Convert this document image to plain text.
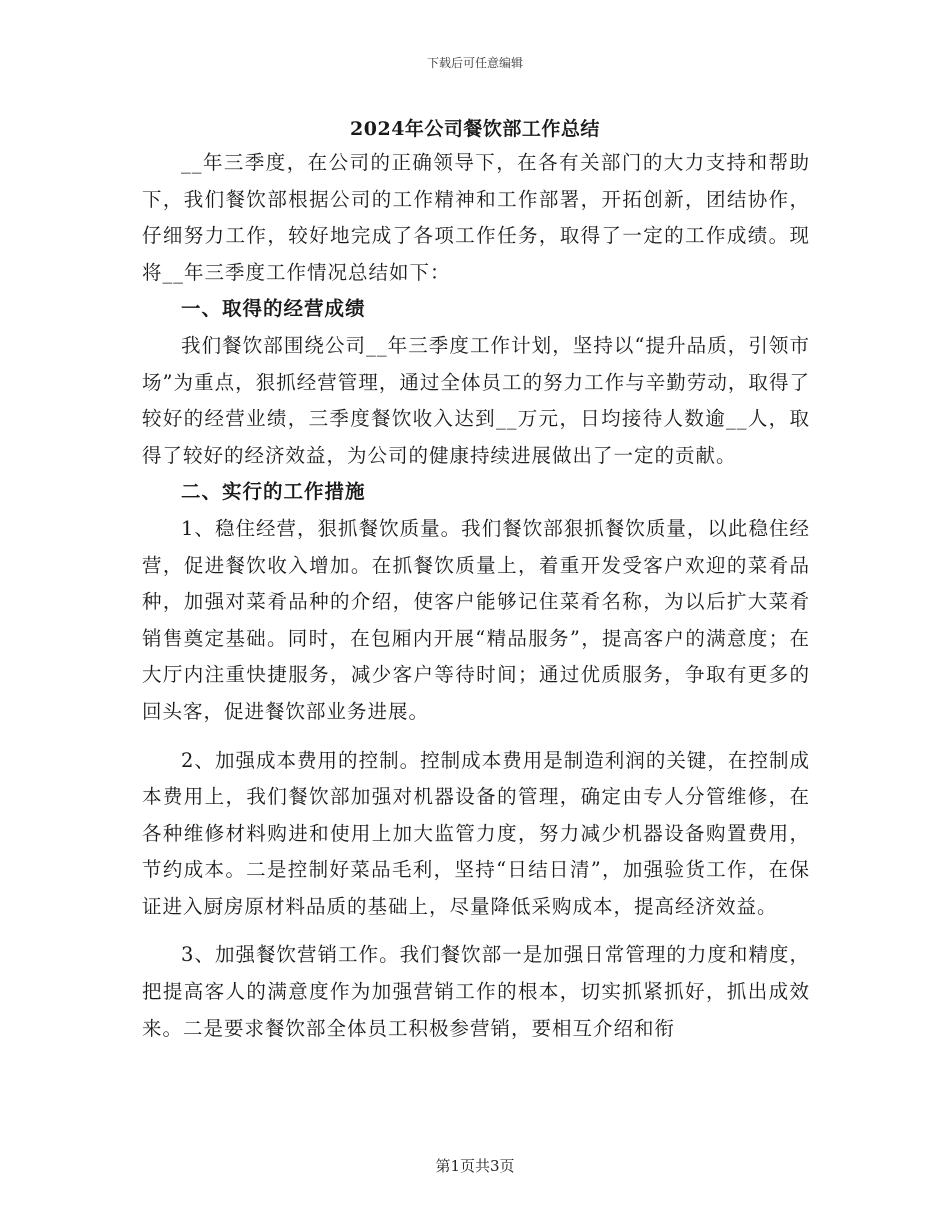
下载后可任意编辑
2024年公司餐饮部工作总结

__年三季度，在公司的正确领导下，在各有关部门的大力支持和帮助下，我们餐饮部根据公司的工作精神和工作部署，开拓创新，团结协作，仔细努力工作，较好地完成了各项工作任务，取得了一定的工作成绩。现将__年三季度工作情况总结如下：

一、取得的经营成绩

我们餐饮部围绕公司__年三季度工作计划，坚持以“提升品质，引领市场”为重点，狠抓经营管理，通过全体员工的努力工作与辛勤劳动，取得了较好的经营业绩，三季度餐饮收入达到__万元，日均接待人数逾__人，取得了较好的经济效益，为公司的健康持续进展做出了一定的贡献。

二、实行的工作措施

1、稳住经营，狠抓餐饮质量。我们餐饮部狠抓餐饮质量，以此稳住经营，促进餐饮收入增加。在抓餐饮质量上，着重开发受客户欢迎的菜肴品种，加强对菜肴品种的介绍，使客户能够记住菜肴名称，为以后扩大菜肴销售奠定基础。同时，在包厢内开展“精品服务”，提高客户的满意度；在大厅内注重快捷服务，减少客户等待时间；通过优质服务，争取有更多的回头客，促进餐饮部业务进展。

2、加强成本费用的控制。控制成本费用是制造利润的关键，在控制成本费用上，我们餐饮部加强对机器设备的管理，确定由专人分管维修，在各种维修材料购进和使用上加大监管力度，努力减少机器设备购置费用，节约成本。二是控制好菜品毛利，坚持“日结日清”，加强验货工作，在保证进入厨房原材料品质的基础上，尽量降低采购成本，提高经济效益。

3、加强餐饮营销工作。我们餐饮部一是加强日常管理的力度和精度，把提高客人的满意度作为加强营销工作的根本，切实抓紧抓好，抓出成效来。二是要求餐饮部全体员工积极参营销，要相互介绍和衔

第1页共3页
